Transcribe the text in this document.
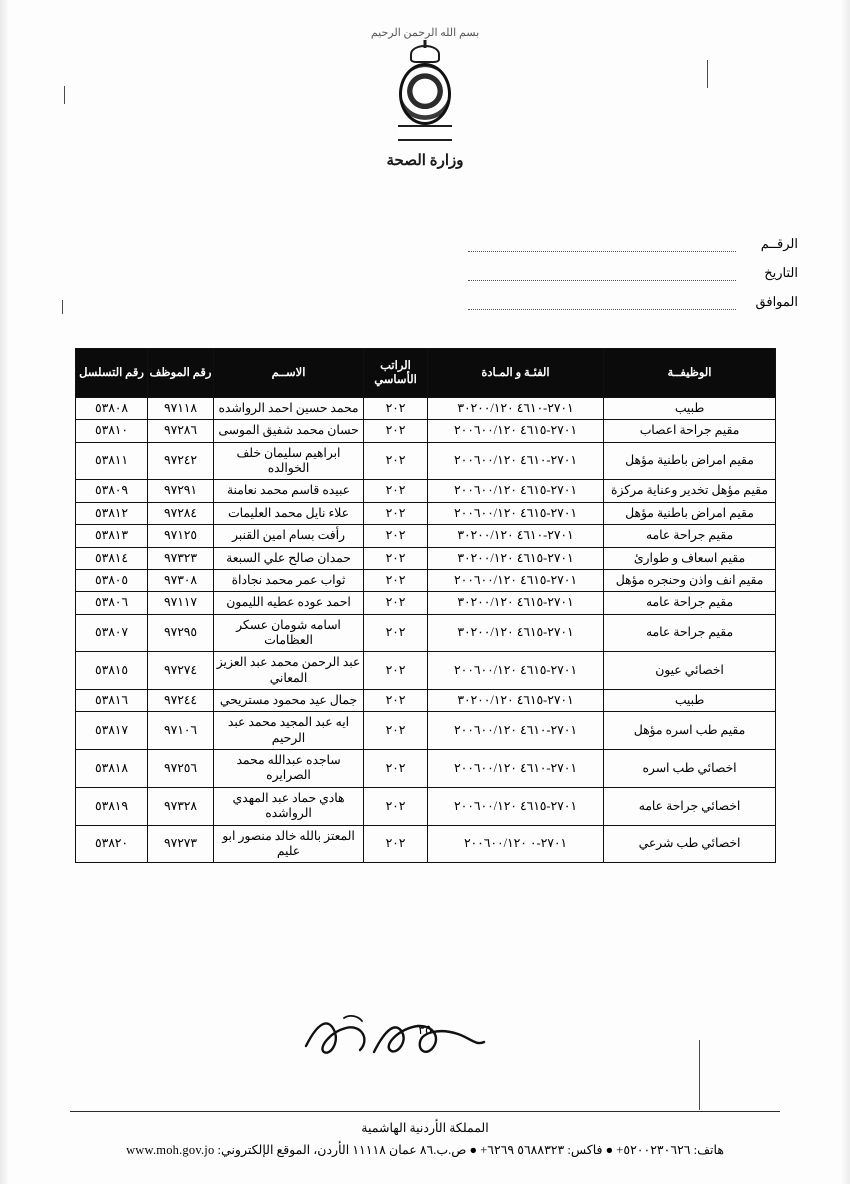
بسم الله الرحمن الرحيم
وزارة الصحة
الرقــم
التاريخ
الموافق
الوظيفــة	الفئـة و المـادة	الراتب الأساسي	الاســم	رقم الموظف	رقم التسلسل
طبيب	٢٧٠١-٤٦١٠ ٣٠٢٠٠/١٢٠	٢٠٢	محمد حسين احمد الرواشده	٩٧١١٨	٥٣٨٠٨
مقيم جراحة اعصاب	٢٧٠١-٤٦١٥ ٢٠٠٦٠٠/١٢٠	٢٠٢	حسان محمد شفيق الموسى	٩٧٢٨٦	٥٣٨١٠
مقيم امراض باطنية مؤهل	٢٧٠١-٤٦١٠ ٢٠٠٦٠٠/١٢٠	٢٠٢	ابراهيم سليمان خلف الخوالده	٩٧٢٤٢	٥٣٨١١
مقيم مؤهل تخدير وعناية مركزة	٢٧٠١-٤٦١٥ ٢٠٠٦٠٠/١٢٠	٢٠٢	عبيده قاسم محمد نعامنة	٩٧٢٩١	٥٣٨٠٩
مقيم امراض باطنية مؤهل	٢٧٠١-٤٦١٥ ٢٠٠٦٠٠/١٢٠	٢٠٢	علاء نايل محمد العليمات	٩٧٢٨٤	٥٣٨١٢
مقيم جراحة عامه	٢٧٠١-٤٦١٠ ٣٠٢٠٠/١٢٠	٢٠٢	رأفت بسام امين القنبر	٩٧١٢٥	٥٣٨١٣
مقيم اسعاف و طوارئ	٢٧٠١-٤٦١٥ ٣٠٢٠٠/١٢٠	٢٠٢	حمدان صالح علي السبعة	٩٧٣٢٣	٥٣٨١٤
مقيم انف واذن وحنجره مؤهل	٢٧٠١-٤٦١٥ ٢٠٠٦٠٠/١٢٠	٢٠٢	ثواب عمر محمد نجاداة	٩٧٣٠٨	٥٣٨٠٥
مقيم جراحة عامه	٢٧٠١-٤٦١٥ ٣٠٢٠٠/١٢٠	٢٠٢	احمد عوده عطيه الليمون	٩٧١١٧	٥٣٨٠٦
مقيم جراحة عامه	٢٧٠١-٤٦١٥ ٣٠٢٠٠/١٢٠	٢٠٢	اسامه شومان عسكر العظامات	٩٧٢٩٥	٥٣٨٠٧
اخصائي عيون	٢٧٠١-٤٦١٥ ٢٠٠٦٠٠/١٢٠	٢٠٢	عبد الرحمن محمد عبد العزيز المعاني	٩٧٢٧٤	٥٣٨١٥
طبيب	٢٧٠١-٤٦١٥ ٣٠٢٠٠/١٢٠	٢٠٢	جمال عيد محمود مستريحي	٩٧٢٤٤	٥٣٨١٦
مقيم طب اسره مؤهل	٢٧٠١-٤٦١٠ ٢٠٠٦٠٠/١٢٠	٢٠٢	ايه عبد المجيد محمد عبد الرحيم	٩٧١٠٦	٥٣٨١٧
اخصائي طب اسره	٢٧٠١-٤٦١٠ ٢٠٠٦٠٠/١٢٠	٢٠٢	ساجده عبدالله محمد الصرايره	٩٧٢٥٦	٥٣٨١٨
اخصائي جراحة عامه	٢٧٠١-٤٦١٥ ٢٠٠٦٠٠/١٢٠	٢٠٢	هادي حماد عبد المهدي الرواشده	٩٧٣٢٨	٥٣٨١٩
اخصائي طب شرعي	٢٧٠١-٠ ٢٠٠٦٠٠/١٢٠	٢٠٢	المعتز بالله خالد منصور ابو عليم	٩٧٢٧٣	٥٣٨٢٠
٣٥
المملكة الأردنية الهاشمية
هاتف: ٥٢٠٠٢٣٠٦٢٦+ ● فاكس: ٥٦٨٨٣٢٣ ٦٢٦٩+ ● ص.ب.٨٦ عمان ١١١١٨ الأردن، الموقع الإلكتروني: www.moh.gov.jo
